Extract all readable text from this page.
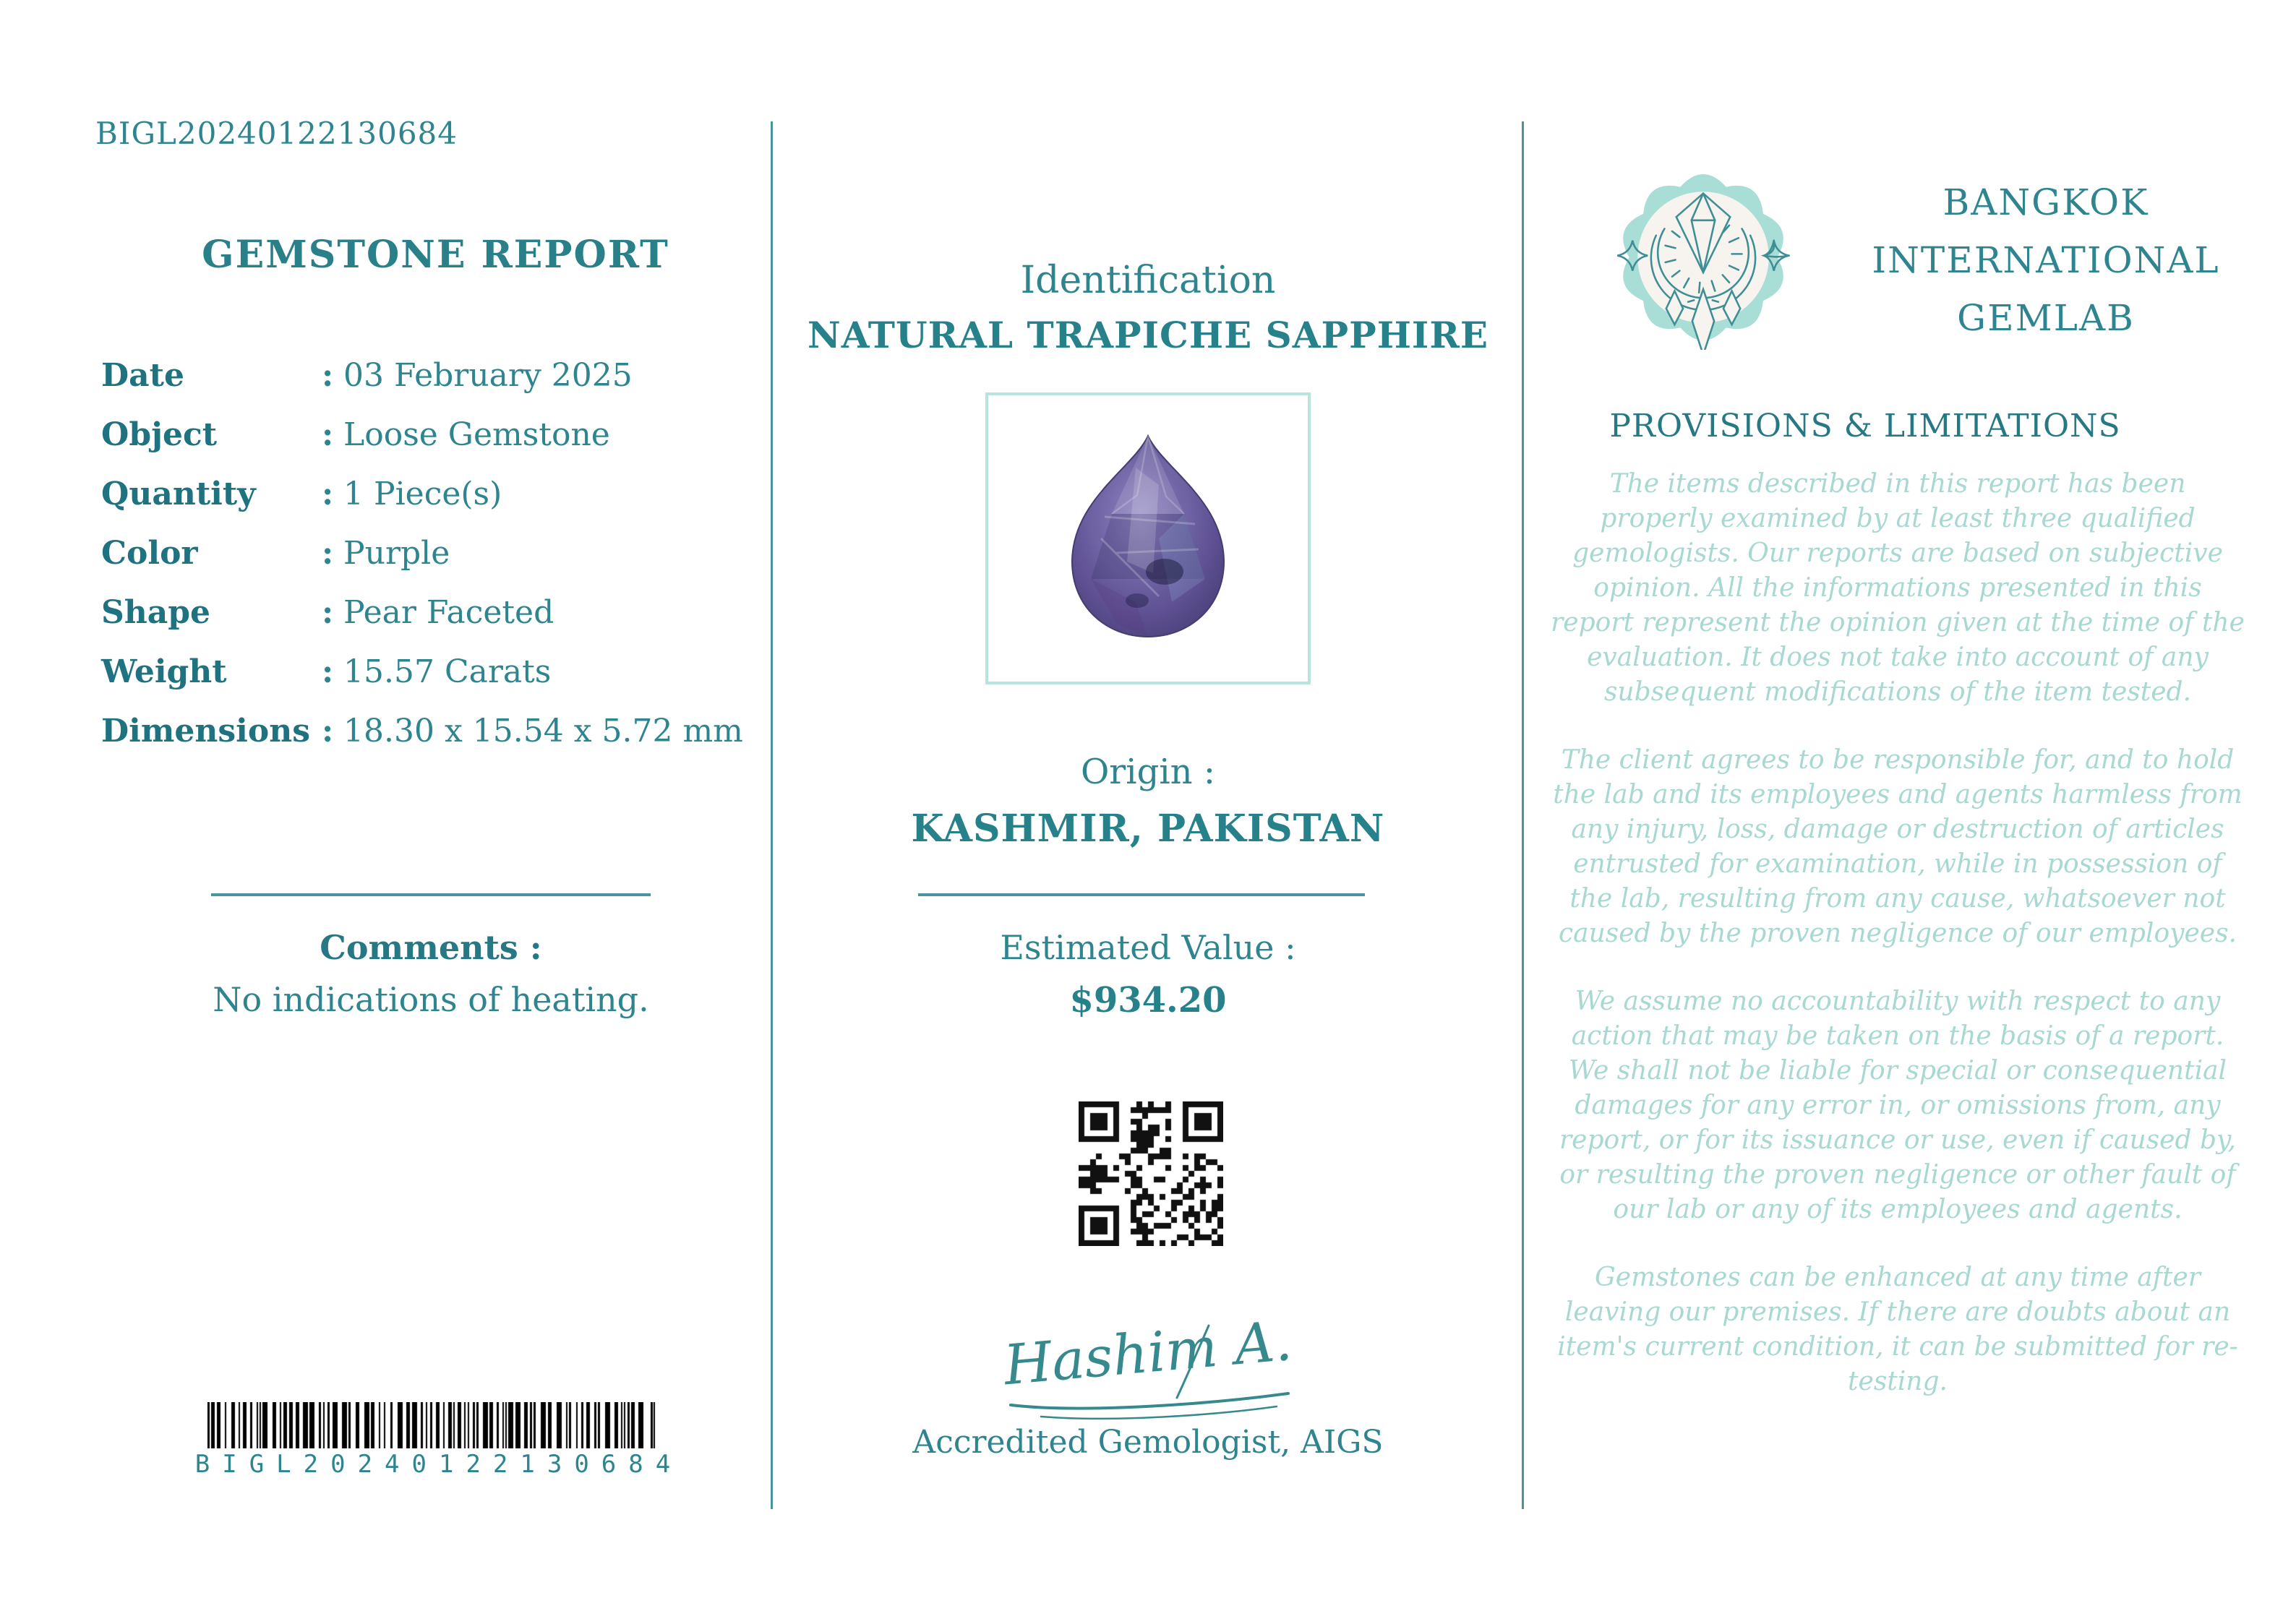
BIGL20240122130684
GEMSTONE REPORT
Date	: 03 February 2025
Object	: Loose Gemstone
Quantity	: 1 Piece(s)
Color	: Purple
Shape	: Pear Faceted
Weight	: 15.57 Carats
Dimensions : 18.30 x 15.54 x 5.72 mm
Comments :
No indications of heating.
BIGL20240122130684
Identification
NATURAL TRAPICHE SAPPHIRE
Origin :
KASHMIR, PAKISTAN
Estimated Value :
$934.20
Hashim A.
Accredited Gemologist, AIGS
BANGKOK
INTERNATIONAL
GEMLAB
PROVISIONS & LIMITATIONS

The items described in this report has been properly examined by at least three qualified gemologists. Our reports are based on subjective opinion. All the informations presented in this report represent the opinion given at the time of the evaluation. It does not take into account of any subsequent modifications of the item tested.

The client agrees to be responsible for, and to hold the lab and its employees and agents harmless from any injury, loss, damage or destruction of articles entrusted for examination, while in possession of the lab, resulting from any cause, whatsoever not caused by the proven negligence of our employees.

We assume no accountability with respect to any action that may be taken on the basis of a report. We shall not be liable for special or consequential damages for any error in, or omissions from, any report, or for its issuance or use, even if caused by, or resulting the proven negligence or other fault of our lab or any of its employees and agents.

Gemstones can be enhanced at any time after leaving our premises. If there are doubts about an item's current condition, it can be submitted for re-testing.
